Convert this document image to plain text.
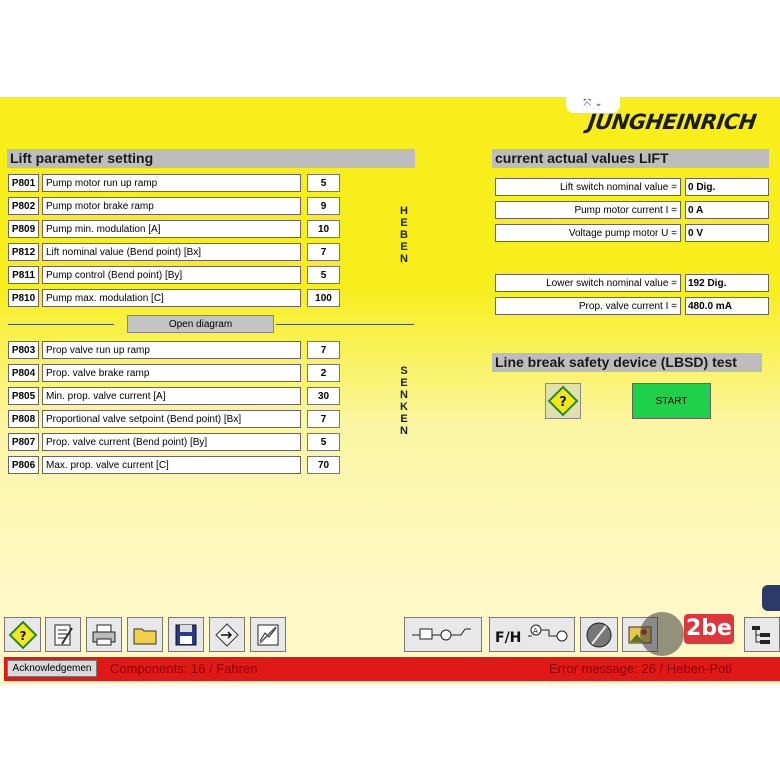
⤧ ⌄
JUNGHEINRICH
Lift parameter setting
P801	Pump motor run up ramp	5
P802	Pump motor brake ramp	9
P809	Pump min. modulation [A]	10
P812	Lift nominal value (Bend point) [Bx]	7
P811	Pump control (Bend point) [By]	5
P810	Pump max. modulation [C]	100
H
E
B
E
N
Open diagram
P803	Prop valve run up ramp	7
P804	Prop. valve brake ramp	2
P805	Min. prop. valve current [A]	30
P808	Proportional valve setpoint (Bend point) [Bx]	7
P807	Prop. valve current (Bend point) [By]	5
P806	Max. prop. valve current [C]	70
S
E
N
K
E
N
current actual values LIFT
Lift switch nominal value =	0 Dig.
Pump motor current I =	0 A
Voltage pump motor U =	0 V
Lower switch nominal value =	192 Dig.
Prop. valve current I =	480.0 mA
Line break safety device (LBSD) test
?	START
?	F/H A	2be
Acknowledgemen	Components: 16 / Fahren	Error message: 26 / Heben-Poti
